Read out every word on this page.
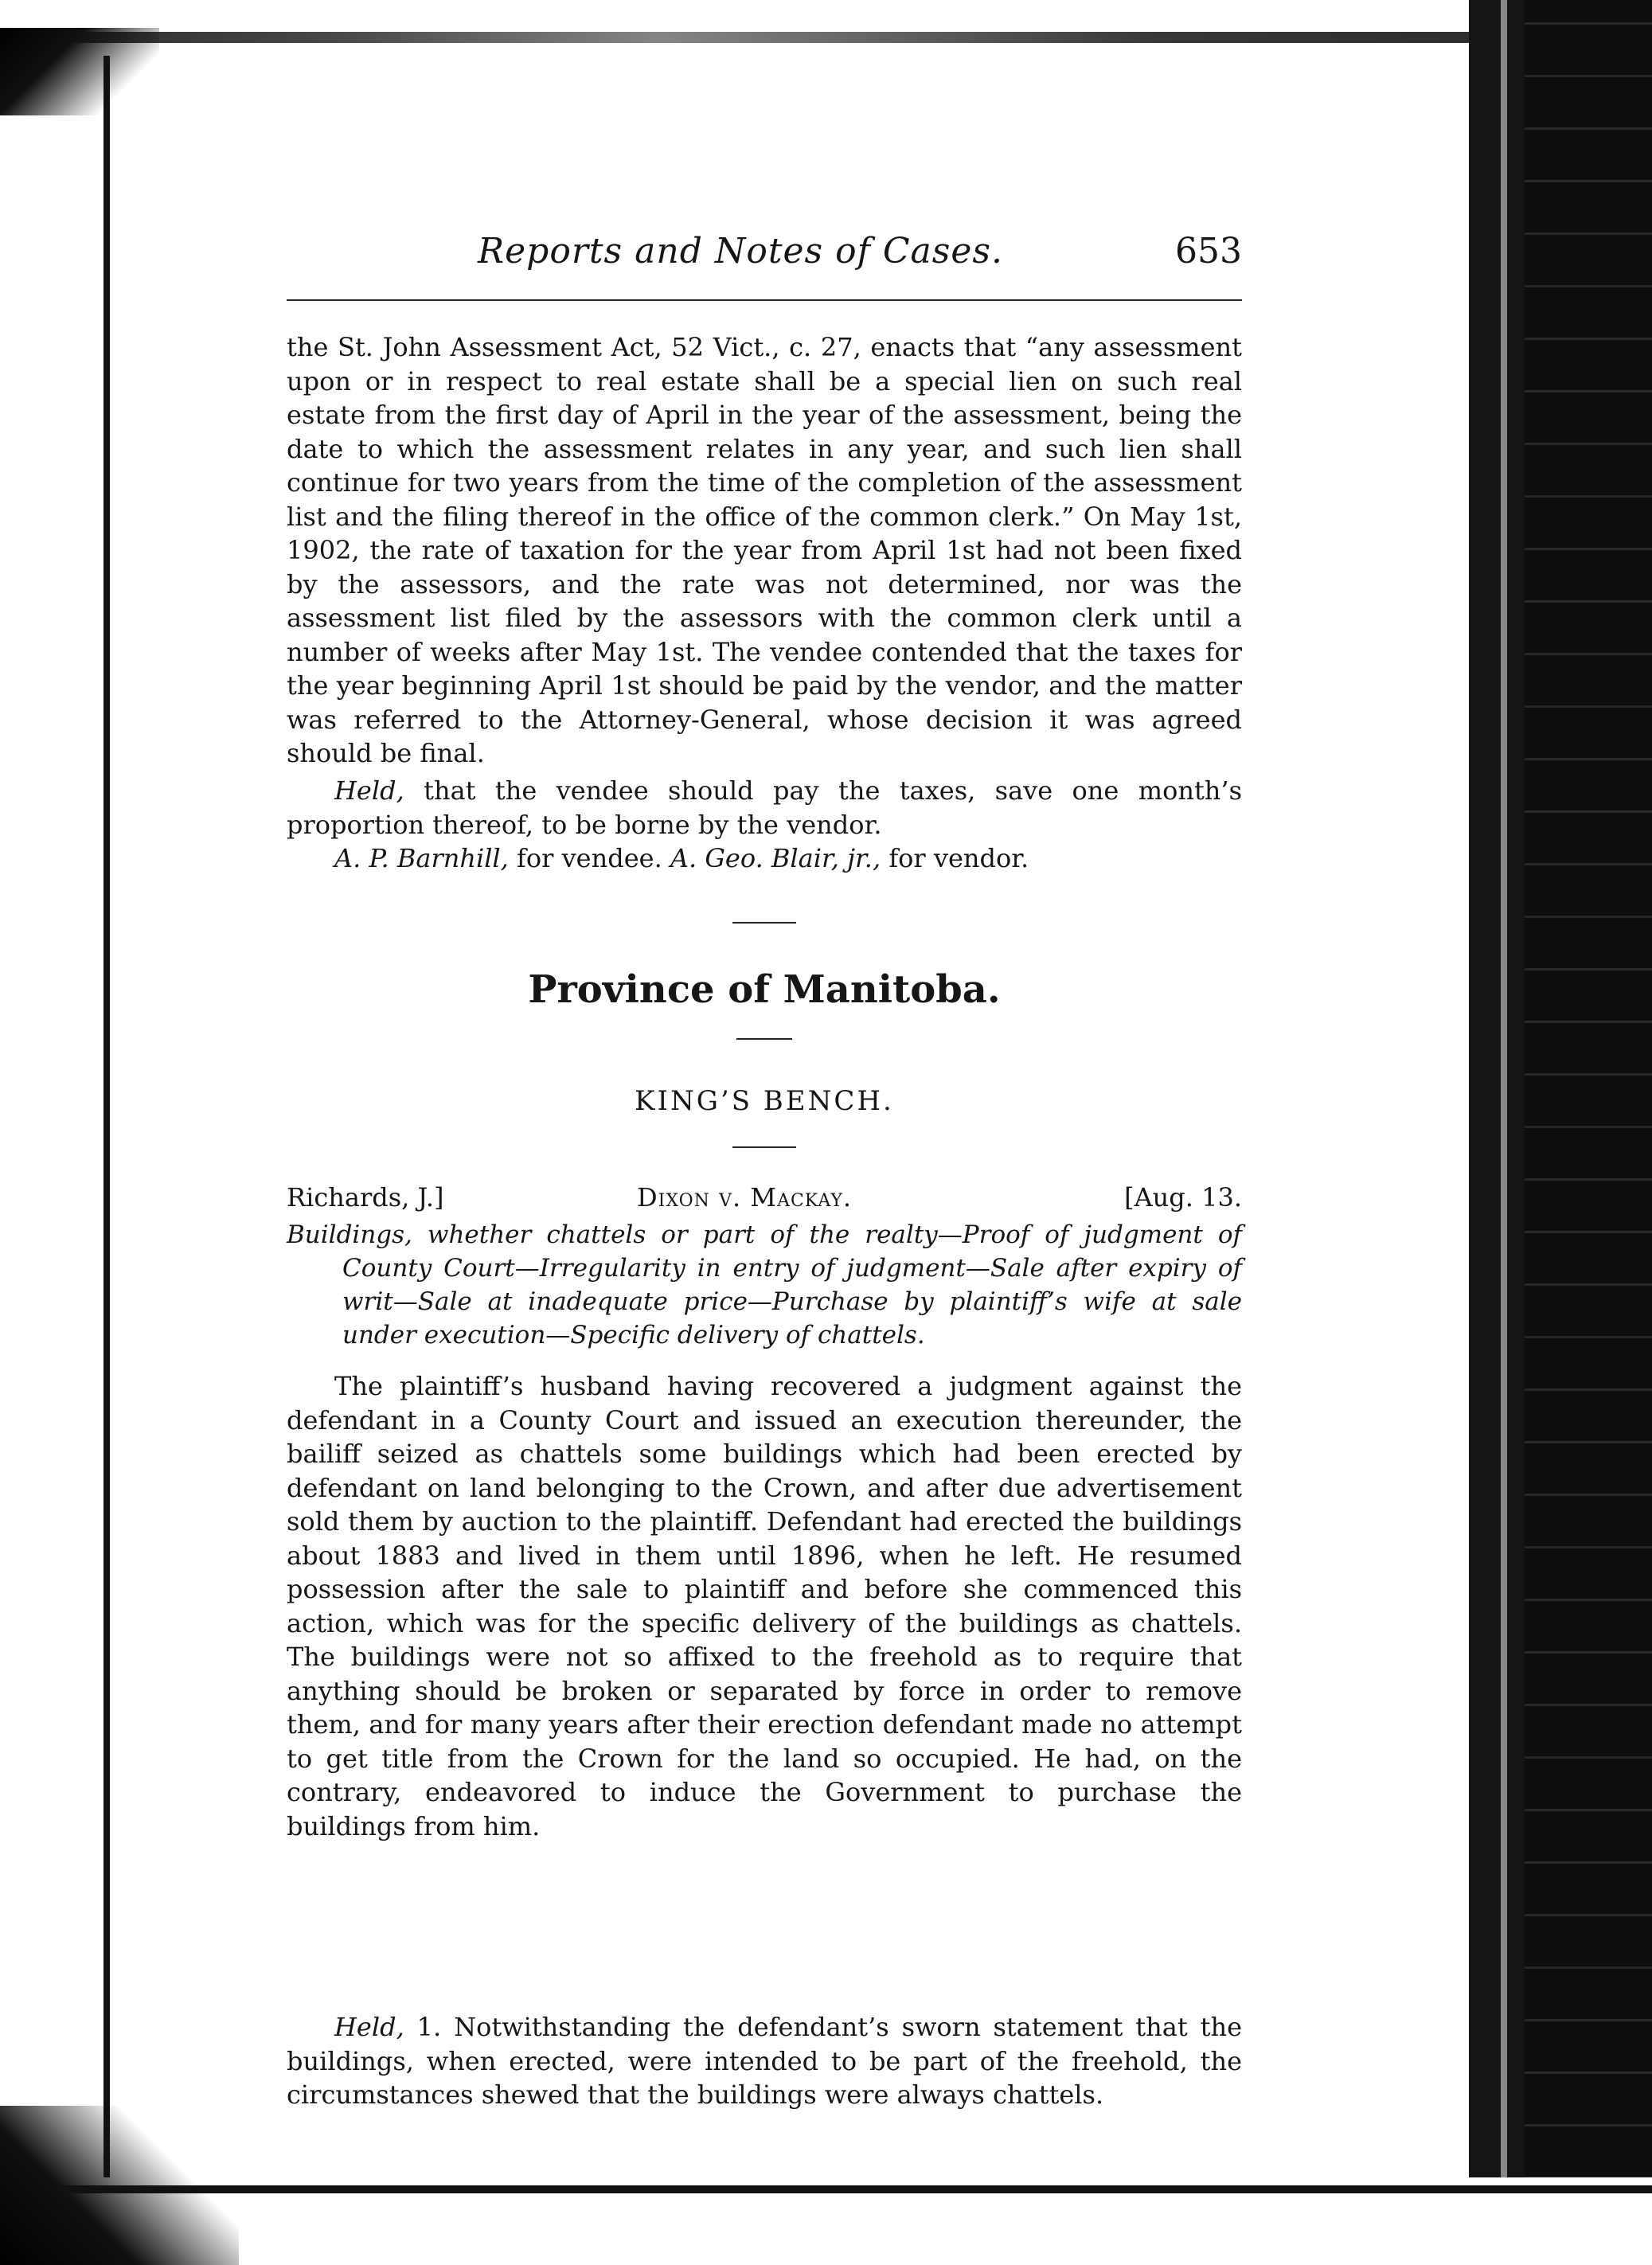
Reports and Notes of Cases.	653
the St. John Assessment Act, 52 Vict., c. 27, enacts that “any assessment upon or in respect to real estate shall be a special lien on such real estate from the first day of April in the year of the assessment, being the date to which the assessment relates in any year, and such lien shall continue for two years from the time of the completion of the assessment list and the filing thereof in the office of the common clerk.” On May 1st, 1902, the rate of taxation for the year from April 1st had not been fixed by the assessors, and the rate was not determined, nor was the assessment list filed by the assessors with the common clerk until a number of weeks after May 1st. The vendee contended that the taxes for the year beginning April 1st should be paid by the vendor, and the matter was referred to the Attorney-General, whose decision it was agreed should be final.
Held, that the vendee should pay the taxes, save one month’s proportion thereof, to be borne by the vendor.
A. P. Barnhill, for vendee. A. Geo. Blair, jr., for vendor.
Province of Manitoba.
KING’S BENCH.
Richards, J.]	Dixon v. Mackay.	[Aug. 13.
Buildings, whether chattels or part of the realty—Proof of judgment of County Court—Irregularity in entry of judgment—Sale after expiry of writ—Sale at inadequate price—Purchase by plaintiff’s wife at sale under execution—Specific delivery of chattels.
The plaintiff’s husband having recovered a judgment against the defendant in a County Court and issued an execution thereunder, the bailiff seized as chattels some buildings which had been erected by defendant on land belonging to the Crown, and after due advertisement sold them by auction to the plaintiff. Defendant had erected the buildings about 1883 and lived in them until 1896, when he left. He resumed possession after the sale to plaintiff and before she commenced this action, which was for the specific delivery of the buildings as chattels. The buildings were not so affixed to the freehold as to require that anything should be broken or separated by force in order to remove them, and for many years after their erection defendant made no attempt to get title from the Crown for the land so occupied. He had, on the contrary, endeavored to induce the Government to purchase the buildings from him.
Held, 1. Notwithstanding the defendant’s sworn statement that the buildings, when erected, were intended to be part of the freehold, the circumstances shewed that the buildings were always chattels.
